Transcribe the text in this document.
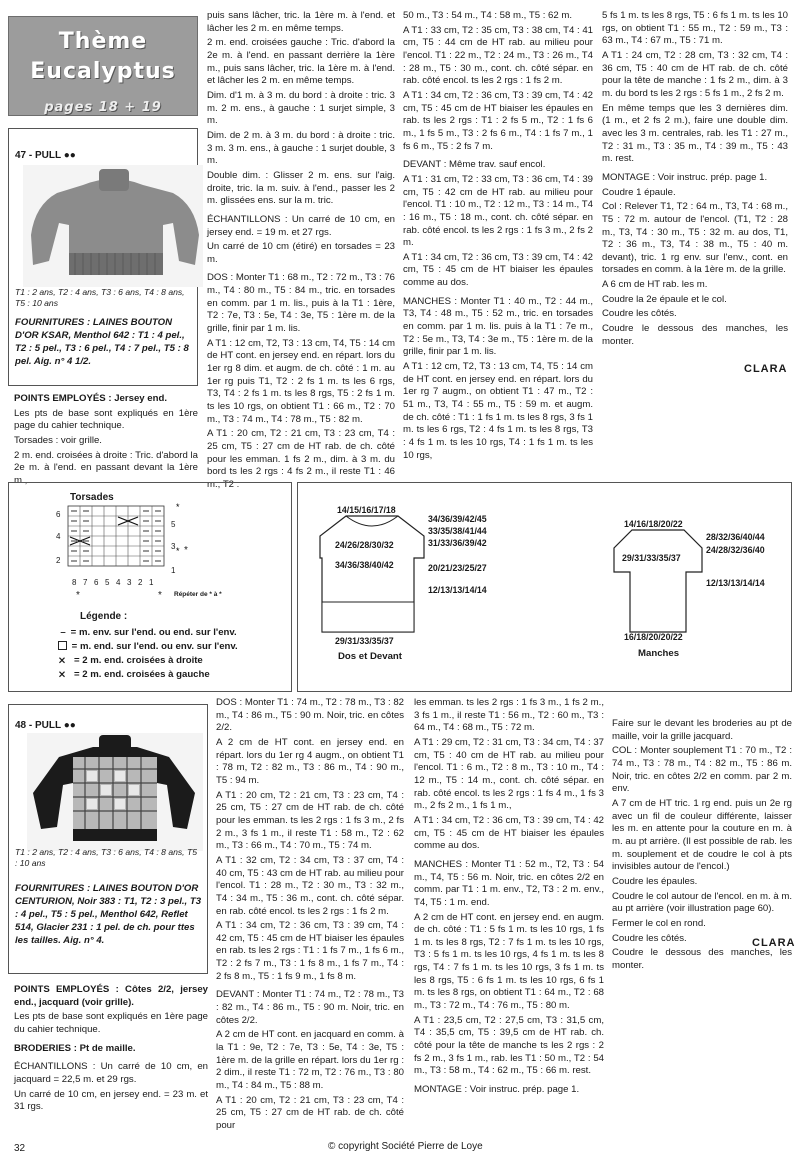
Thème
Eucalyptus
pages 18 + 19
47 - PULL ●●
T1 : 2 ans, T2 : 4 ans, T3 : 6 ans, T4 : 8 ans, T5 : 10 ans
FOURNITURES : LAINES BOUTON D'OR KSAR, Menthol 642 : T1 : 4 pel., T2 : 5 pel., T3 : 6 pel., T4 : 7 pel., T5 : 8 pel. Aig. n° 4 1/2.

POINTS EMPLOYÉS : Jersey end.

Les pts de base sont expliqués en 1ère page du cahier technique.

Torsades : voir grille.

2 m. end. croisées à droite : Tric. d'abord la 2e m. à l'end. en passant devant la 1ère m.,

puis sans lâcher, tric. la 1ère m. à l'end. et lâcher les 2 m. en même temps.

2 m. end. croisées gauche : Tric. d'abord la 2e m. à l'end. en passant derrière la 1ère m., puis sans lâcher, tric. la 1ère m. à l'end. et lâcher les 2 m. en même temps.

Dim. d'1 m. à 3 m. du bord : à droite : tric. 3 m. 2 m. ens., à gauche : 1 surjet simple, 3 m.

Dim. de 2 m. à 3 m. du bord : à droite : tric. 3 m. 3 m. ens., à gauche : 1 surjet double, 3 m.

Double dim. : Glisser 2 m. ens. sur l'aig. droite, tric. la m. suiv. à l'end., passer les 2 m. glissées ens. sur la m. tric.

ÉCHANTILLONS : Un carré de 10 cm, en jersey end. = 19 m. et 27 rgs.

Un carré de 10 cm (étiré) en torsades = 23 m.

DOS : Monter T1 : 68 m., T2 : 72 m., T3 : 76 m., T4 : 80 m., T5 : 84 m., tric. en torsades en comm. par 1 m. lis., puis à la T1 : 1ère, T2 : 7e, T3 : 5e, T4 : 3e, T5 : 1ère m. de la grille, finir par 1 m. lis.

A T1 : 12 cm, T2, T3 : 13 cm, T4, T5 : 14 cm de HT cont. en jersey end. en répart. lors du 1er rg 8 dim. et augm. de ch. côté : 1 m. au 1er rg puis T1, T2 : 2 fs 1 m. ts les 6 rgs, T3, T4 : 2 fs 1 m. ts les 8 rgs, T5 : 2 fs 1 m. ts les 10 rgs, on obtient T1 : 66 m., T2 : 70 m., T3 : 74 m., T4 : 78 m., T5 : 82 m.

A T1 : 20 cm, T2 : 21 cm, T3 : 23 cm, T4 : 25 cm, T5 : 27 cm de HT rab. de ch. côté pour les emman. 1 fs 2 m., dim. à 3 m. du bord ts les 2 rgs : 4 fs 2 m., il reste T1 : 46 m., T2 :

50 m., T3 : 54 m., T4 : 58 m., T5 : 62 m.

A T1 : 33 cm, T2 : 35 cm, T3 : 38 cm, T4 : 41 cm, T5 : 44 cm de HT rab. au milieu pour l'encol. T1 : 22 m., T2 : 24 m., T3 : 26 m., T4 : 28 m., T5 : 30 m., cont. ch. côté sépar. en rab. côté encol. ts les 2 rgs : 1 fs 2 m.

A T1 : 34 cm, T2 : 36 cm, T3 : 39 cm, T4 : 42 cm, T5 : 45 cm de HT biaiser les épaules en rab. ts les 2 rgs : T1 : 2 fs 5 m., T2 : 1 fs 6 m., 1 fs 5 m., T3 : 2 fs 6 m., T4 : 1 fs 7 m., 1 fs 6 m., T5 : 2 fs 7 m.

DEVANT : Même trav. sauf encol.

A T1 : 31 cm, T2 : 33 cm, T3 : 36 cm, T4 : 39 cm, T5 : 42 cm de HT rab. au milieu pour l'encol. T1 : 10 m., T2 : 12 m., T3 : 14 m., T4 : 16 m., T5 : 18 m., cont. ch. côté sépar. en rab. côté encol. ts les 2 rgs : 1 fs 3 m., 2 fs 2 m.

A T1 : 34 cm, T2 : 36 cm, T3 : 39 cm, T4 : 42 cm, T5 : 45 cm de HT biaiser les épaules comme au dos.

MANCHES : Monter T1 : 40 m., T2 : 44 m., T3, T4 : 48 m., T5 : 52 m., tric. en torsades en comm. par 1 m. lis. puis à la T1 : 7e m., T2 : 5e m., T3, T4 : 3e m., T5 : 1ère m. de la grille, finir par 1 m. lis.

A T1 : 12 cm, T2, T3 : 13 cm, T4, T5 : 14 cm de HT cont. en jersey end. en répart. lors du 1er rg 7 augm., on obtient T1 : 47 m., T2 : 51 m., T3, T4 : 55 m., T5 : 59 m. et augm. de ch. côté : T1 : 1 fs 1 m. ts les 8 rgs, 3 fs 1 m. ts les 6 rgs, T2 : 4 fs 1 m. ts les 8 rgs, T3 : 4 fs 1 m. ts les 10 rgs, T4 : 1 fs 1 m. ts les 10 rgs,

5 fs 1 m. ts les 8 rgs, T5 : 6 fs 1 m. ts les 10 rgs, on obtient T1 : 55 m., T2 : 59 m., T3 : 63 m., T4 : 67 m., T5 : 71 m.

A T1 : 24 cm, T2 : 28 cm, T3 : 32 cm, T4 : 36 cm, T5 : 40 cm de HT rab. de ch. côté pour la tête de manche : 1 fs 2 m., dim. à 3 m. du bord ts les 2 rgs : 5 fs 1 m., 2 fs 2 m.

En même temps que les 3 dernières dim. (1 m., et 2 fs 2 m.), faire une double dim. avec les 3 m. centrales, rab. les T1 : 27 m., T2 : 31 m., T3 : 35 m., T4 : 39 m., T5 : 43 m. rest.

MONTAGE : Voir instruc. prép. page 1.

Coudre 1 épaule.

Col : Relever T1, T2 : 64 m., T3, T4 : 68 m., T5 : 72 m. autour de l'encol. (T1, T2 : 28 m., T3, T4 : 30 m., T5 : 32 m. au dos, T1, T2 : 36 m., T3, T4 : 38 m., T5 : 40 m. devant), tric. 1 rg env. sur l'env., cont. en torsades en comm. à la 1ère m. de la grille.

A 6 cm de HT rab. les m.

Coudre la 2e épaule et le col.

Coudre les côtés.

Coudre le dessous des manches, les monter.

CLARA
Torsades
*
*
6
5
4
3
2
1
8 7 6 5 4 3 2 1
*	*
*
Répéter de * à *
Légende :
– = m. env. sur l'end. ou end. sur l'env.
= m. end. sur l'end. ou env. sur l'env.
⨯ = 2 m. end. croisées à droite
⨯ = 2 m. end. croisées à gauche
14/15/16/17/18
24/26/28/30/32
34/36/38/40/42
29/31/33/35/37
Dos et Devant
34/36/39/42/45
33/35/38/41/44
31/33/36/39/42
20/21/23/25/27
12/13/13/14/14
14/16/18/20/22
29/31/33/35/37
16/18/20/20/22
Manches
28/32/36/40/44
24/28/32/36/40
12/13/13/14/14
48 - PULL ●●
T1 : 2 ans, T2 : 4 ans, T3 : 6 ans, T4 : 8 ans, T5 : 10 ans
FOURNITURES : LAINES BOUTON D'OR CENTURION, Noir 383 : T1, T2 : 3 pel., T3 : 4 pel., T5 : 5 pel., Menthol 642, Reflet 514, Glacier 231 : 1 pel. de ch. pour ttes les tailles. Aig. n° 4.

POINTS EMPLOYÉS : Côtes 2/2, jersey end., jacquard (voir grille).

Les pts de base sont expliqués en 1ère page du cahier technique.

BRODERIES : Pt de maille.

ÉCHANTILLONS : Un carré de 10 cm, en jacquard = 22,5 m. et 29 rgs.

Un carré de 10 cm, en jersey end. = 23 m. et 31 rgs.

DOS : Monter T1 : 74 m., T2 : 78 m., T3 : 82 m., T4 : 86 m., T5 : 90 m. Noir, tric. en côtes 2/2.

A 2 cm de HT cont. en jersey end. en répart. lors du 1er rg 4 augm., on obtient T1 : 78 m, T2 : 82 m., T3 : 86 m., T4 : 90 m., T5 : 94 m.

A T1 : 20 cm, T2 : 21 cm, T3 : 23 cm, T4 : 25 cm, T5 : 27 cm de HT rab. de ch. côté pour les emman. ts les 2 rgs : 1 fs 3 m., 2 fs 2 m., 3 fs 1 m., il reste T1 : 58 m., T2 : 62 m., T3 : 66 m., T4 : 70 m., T5 : 74 m.

A T1 : 32 cm, T2 : 34 cm, T3 : 37 cm, T4 : 40 cm, T5 : 43 cm de HT rab. au milieu pour l'encol. T1 : 28 m., T2 : 30 m., T3 : 32 m., T4 : 34 m., T5 : 36 m., cont. ch. côté sépar. en rab. côté encol. ts les 2 rgs : 1 fs 2 m.

A T1 : 34 cm, T2 : 36 cm, T3 : 39 cm, T4 : 42 cm, T5 : 45 cm de HT biaiser les épaules en rab. ts les 2 rgs : T1 : 1 fs 7 m., 1 fs 6 m., T2 : 2 fs 7 m., T3 : 1 fs 8 m., 1 fs 7 m., T4 : 2 fs 8 m., T5 : 1 fs 9 m., 1 fs 8 m.

DEVANT : Monter T1 : 74 m., T2 : 78 m., T3 : 82 m., T4 : 86 m., T5 : 90 m. Noir, tric. en côtes 2/2.

A 2 cm de HT cont. en jacquard en comm. à la T1 : 9e, T2 : 7e, T3 : 5e, T4 : 3e, T5 : 1ère m. de la grille en répart. lors du 1er rg : 2 dim., il reste T1 : 72 m, T2 : 76 m., T3 : 80 m., T4 : 84 m., T5 : 88 m.

A T1 : 20 cm, T2 : 21 cm, T3 : 23 cm, T4 : 25 cm, T5 : 27 cm de HT rab. de ch. côté pour

les emman. ts les 2 rgs : 1 fs 3 m., 1 fs 2 m., 3 fs 1 m., il reste T1 : 56 m., T2 : 60 m., T3 : 64 m., T4 : 68 m., T5 : 72 m.

A T1 : 29 cm, T2 : 31 cm, T3 : 34 cm, T4 : 37 cm, T5 : 40 cm de HT rab. au milieu pour l'encol. T1 : 6 m., T2 : 8 m., T3 : 10 m., T4 : 12 m., T5 : 14 m., cont. ch. côté sépar. en rab. côté encol. ts les 2 rgs : 1 fs 4 m., 1 fs 3 m., 2 fs 2 m., 1 fs 1 m.,

A T1 : 34 cm, T2 : 36 cm, T3 : 39 cm, T4 : 42 cm, T5 : 45 cm de HT biaiser les épaules comme au dos.

MANCHES : Monter T1 : 52 m., T2, T3 : 54 m., T4, T5 : 56 m. Noir, tric. en côtes 2/2 en comm. par T1 : 1 m. env., T2, T3 : 2 m. env., T4, T5 : 1 m. end.

A 2 cm de HT cont. en jersey end. en augm. de ch. côté : T1 : 5 fs 1 m. ts les 10 rgs, 1 fs 1 m. ts les 8 rgs, T2 : 7 fs 1 m. ts les 10 rgs, T3 : 5 fs 1 m. ts les 10 rgs, 4 fs 1 m. ts les 8 rgs, T4 : 7 fs 1 m. ts les 10 rgs, 3 fs 1 m. ts les 8 rgs, T5 : 6 fs 1 m. ts les 10 rgs, 6 fs 1 m. ts les 8 rgs, on obtient T1 : 64 m., T2 : 68 m., T3 : 72 m., T4 : 76 m., T5 : 80 m.

A T1 : 23,5 cm, T2 : 27,5 cm, T3 : 31,5 cm, T4 : 35,5 cm, T5 : 39,5 cm de HT rab. ch. côté pour la tête de manche ts les 2 rgs : 2 fs 2 m., 3 fs 1 m., rab. les T1 : 50 m., T2 : 54 m., T3 : 58 m., T4 : 62 m., T5 : 66 m. rest.

MONTAGE : Voir instruc. prép. page 1.

Faire sur le devant les broderies au pt de maille, voir la grille jacquard.

COL : Monter souplement T1 : 70 m., T2 : 74 m., T3 : 78 m., T4 : 82 m., T5 : 86 m. Noir, tric. en côtes 2/2 en comm. par 2 m. env.

A 7 cm de HT tric. 1 rg end. puis un 2e rg avec un fil de couleur différente, laisser les m. en attente pour la couture en m. à m. au pt arrière. (Il est possible de rab. les m. souplement et de coudre le col à pts invisibles autour de l'encol.)

Coudre les épaules.

Coudre le col autour de l'encol. en m. à m. au pt arrière (voir illustration page 60).

Fermer le col en rond.

Coudre les côtés.

Coudre le dessous des manches, les monter.

CLARA
32	© copyright Société Pierre de Loye
